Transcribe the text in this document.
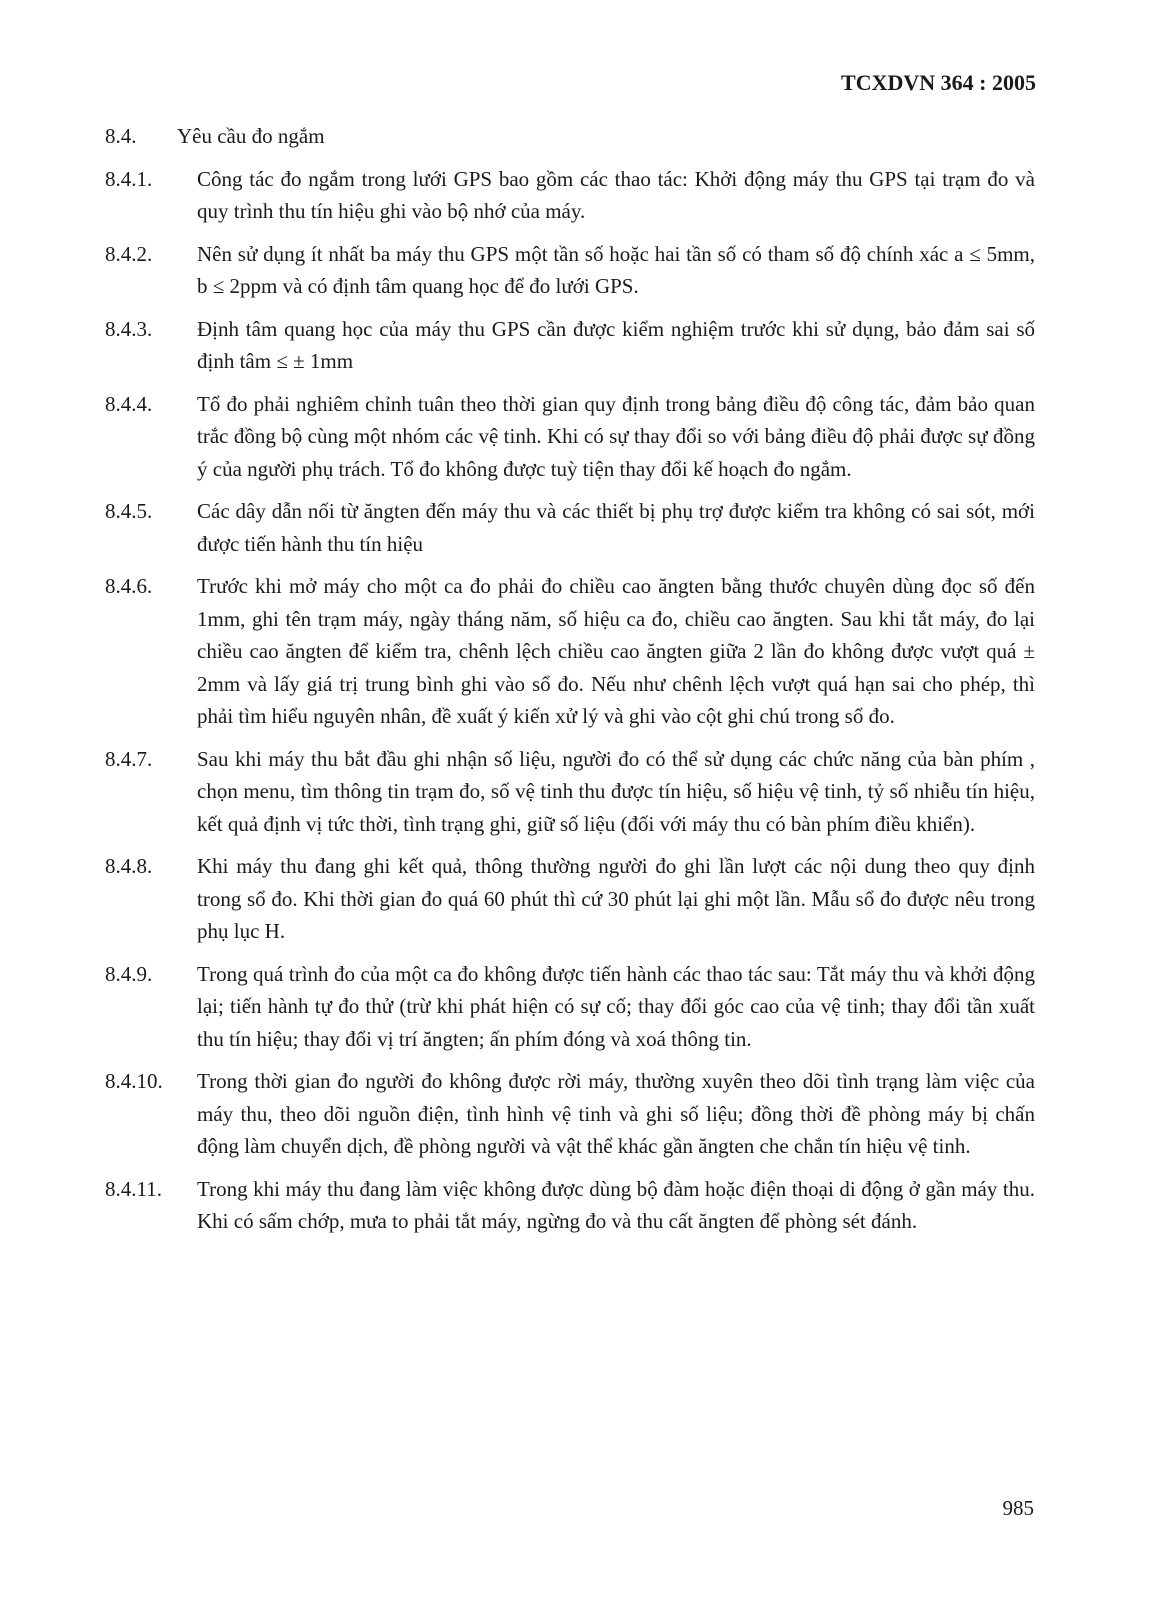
TCXDVN 364 : 2005
8.4.	Yêu cầu đo ngắm
8.4.1.	Công tác đo ngắm trong lưới GPS bao gồm các thao tác: Khởi động máy thu GPS tại trạm đo và quy trình thu tín hiệu ghi vào bộ nhớ của máy.
8.4.2.	Nên sử dụng ít nhất ba máy thu GPS một tần số hoặc hai tần số có tham số độ chính xác a ≤ 5mm, b ≤ 2ppm và có định tâm quang học để đo lưới GPS.
8.4.3.	Định tâm quang học của máy thu GPS cần được kiểm nghiệm trước khi sử dụng, bảo đảm sai số định tâm ≤ ± 1mm
8.4.4.	Tổ đo phải nghiêm chỉnh tuân theo thời gian quy định trong bảng điều độ công tác, đảm bảo quan trắc đồng bộ cùng một nhóm các vệ tinh. Khi có sự thay đổi so với bảng điều độ phải được sự đồng ý của người phụ trách. Tổ đo không được tuỳ tiện thay đổi kế hoạch đo ngắm.
8.4.5.	Các dây dẫn nối từ ăngten đến máy thu và các thiết bị phụ trợ được kiểm tra không có sai sót, mới được tiến hành thu tín hiệu
8.4.6.	Trước khi mở máy cho một ca đo phải đo chiều cao ăngten bằng thước chuyên dùng đọc số đến 1mm, ghi tên trạm máy, ngày tháng năm, số hiệu ca đo, chiều cao ăngten. Sau khi tắt máy, đo lại chiều cao ăngten để kiểm tra, chênh lệch chiều cao ăngten giữa 2 lần đo không được vượt quá ± 2mm và lấy giá trị trung bình ghi vào sổ đo. Nếu như chênh lệch vượt quá hạn sai cho phép, thì phải tìm hiểu nguyên nhân, đề xuất ý kiến xử lý và ghi vào cột ghi chú trong sổ đo.
8.4.7.	Sau khi máy thu bắt đầu ghi nhận số liệu, người đo có thể sử dụng các chức năng của bàn phím , chọn menu, tìm thông tin trạm đo, số vệ tinh thu được tín hiệu, số hiệu vệ tinh, tỷ số nhiễu tín hiệu, kết quả định vị tức thời, tình trạng ghi, giữ số liệu (đối với máy thu có bàn phím điều khiển).
8.4.8.	Khi máy thu đang ghi kết quả, thông thường người đo ghi lần lượt các nội dung theo quy định trong sổ đo. Khi thời gian đo quá 60 phút thì cứ 30 phút lại ghi một lần. Mẫu sổ đo được nêu trong phụ lục H.
8.4.9.	Trong quá trình đo của một ca đo không được tiến hành các thao tác sau: Tắt máy thu và khởi động lại; tiến hành tự đo thử (trừ khi phát hiện có sự cố; thay đổi góc cao của vệ tinh; thay đổi tần xuất thu tín hiệu; thay đổi vị trí ăngten; ấn phím đóng và xoá thông tin.
8.4.10.	Trong thời gian đo người đo không được rời máy, thường xuyên theo dõi tình trạng làm việc của máy thu, theo dõi nguồn điện, tình hình vệ tinh và ghi số liệu; đồng thời đề phòng máy bị chấn động làm chuyển dịch, đề phòng người và vật thể khác gần ăngten che chắn tín hiệu vệ tinh.
8.4.11.	Trong khi máy thu đang làm việc không được dùng bộ đàm hoặc điện thoại di động ở gần máy thu. Khi có sấm chớp, mưa to phải tắt máy, ngừng đo và thu cất ăngten để phòng sét đánh.
985
